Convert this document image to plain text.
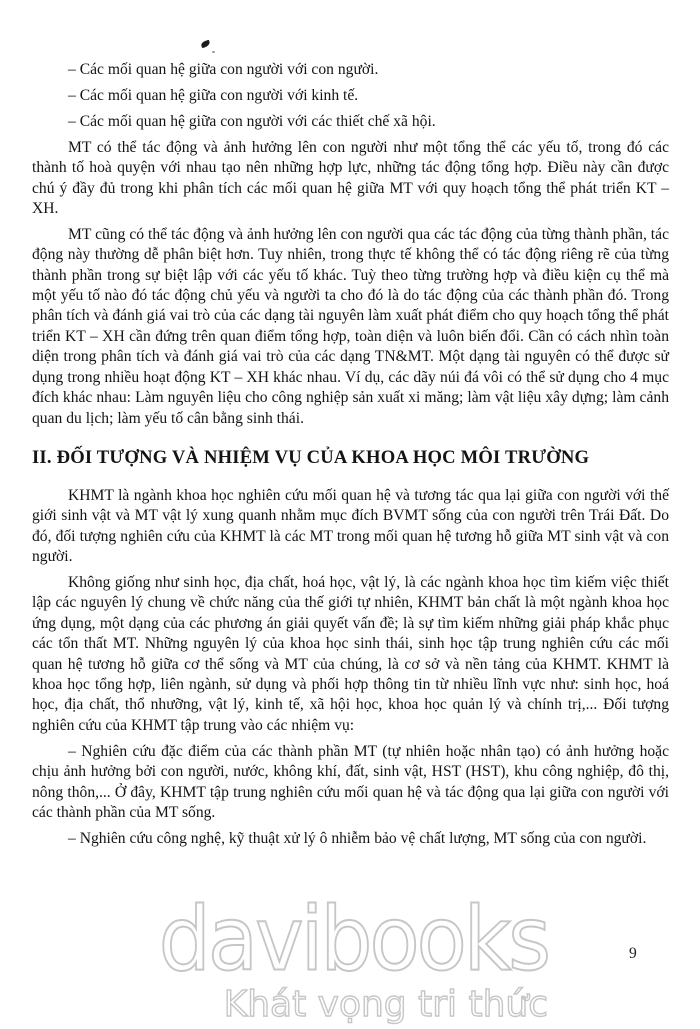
davibooks
Khát vọng tri thức

– Các mối quan hệ giữa con người với con người.

– Các mối quan hệ giữa con người với kinh tế.

– Các mối quan hệ giữa con người với các thiết chế xã hội.

MT có thể tác động và ảnh hưởng lên con người như một tổng thể các yếu tố, trong đó các thành tố hoà quyện với nhau tạo nên những hợp lực, những tác động tổng hợp. Điều này cần được chú ý đầy đủ trong khi phân tích các mối quan hệ giữa MT với quy hoạch tổng thể phát triển KT – XH.

MT cũng có thể tác động và ảnh hưởng lên con người qua các tác động của từng thành phần, tác động này thường dễ phân biệt hơn. Tuy nhiên, trong thực tế không thể có tác động riêng rẽ của từng thành phần trong sự biệt lập với các yếu tố khác. Tuỳ theo từng trường hợp và điều kiện cụ thể mà một yếu tố nào đó tác động chủ yếu và người ta cho đó là do tác động của các thành phần đó. Trong phân tích và đánh giá vai trò của các dạng tài nguyên làm xuất phát điểm cho quy hoạch tổng thể phát triển KT – XH cần đứng trên quan điểm tổng hợp, toàn diện và luôn biến đổi. Cần có cách nhìn toàn diện trong phân tích và đánh giá vai trò của các dạng TN&MT. Một dạng tài nguyên có thể được sử dụng trong nhiều hoạt động KT – XH khác nhau. Ví dụ, các dãy núi đá vôi có thể sử dụng cho 4 mục đích khác nhau: Làm nguyên liệu cho công nghiệp sản xuất xi măng; làm vật liệu xây dựng; làm cảnh quan du lịch; làm yếu tố cân bằng sinh thái.

II. ĐỐI TƯỢNG VÀ NHIỆM VỤ CỦA KHOA HỌC MÔI TRƯỜNG

KHMT là ngành khoa học nghiên cứu mối quan hệ và tương tác qua lại giữa con người với thế giới sinh vật và MT vật lý xung quanh nhằm mục đích BVMT sống của con người trên Trái Đất. Do đó, đối tượng nghiên cứu của KHMT là các MT trong mối quan hệ tương hỗ giữa MT sinh vật và con người.

Không giống như sinh học, địa chất, hoá học, vật lý, là các ngành khoa học tìm kiếm việc thiết lập các nguyên lý chung về chức năng của thế giới tự nhiên, KHMT bản chất là một ngành khoa học ứng dụng, một dạng của các phương án giải quyết vấn đề; là sự tìm kiếm những giải pháp khắc phục các tổn thất MT. Những nguyên lý của khoa học sinh thái, sinh học tập trung nghiên cứu các mối quan hệ tương hỗ giữa cơ thể sống và MT của chúng, là cơ sở và nền tảng của KHMT. KHMT là khoa học tổng hợp, liên ngành, sử dụng và phối hợp thông tin từ nhiều lĩnh vực như: sinh học, hoá học, địa chất, thổ nhưỡng, vật lý, kinh tế, xã hội học, khoa học quản lý và chính trị,... Đối tượng nghiên cứu của KHMT tập trung vào các nhiệm vụ:

– Nghiên cứu đặc điểm của các thành phần MT (tự nhiên hoặc nhân tạo) có ảnh hưởng hoặc chịu ảnh hưởng bởi con người, nước, không khí, đất, sinh vật, HST (HST), khu công nghiệp, đô thị, nông thôn,... Ở đây, KHMT tập trung nghiên cứu mối quan hệ và tác động qua lại giữa con người với các thành phần của MT sống.

– Nghiên cứu công nghệ, kỹ thuật xử lý ô nhiễm bảo vệ chất lượng, MT sống của con người.

9
